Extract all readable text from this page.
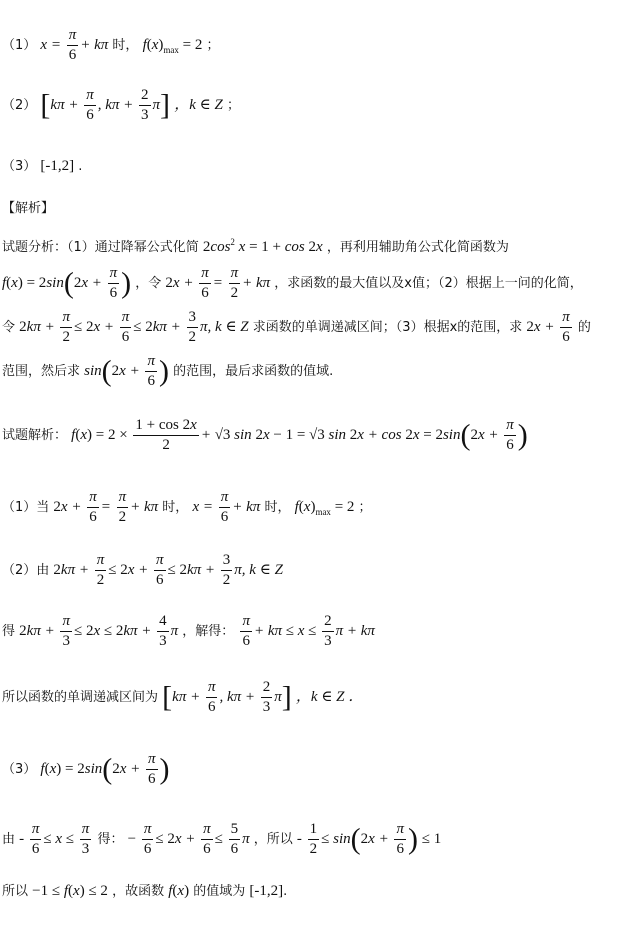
（1） $x = \frac{\pi}{6} + k\pi$ 时， $f(x)_{max} = 2$ ；
（2） [$k\pi + \frac{\pi}{6}$ , $k\pi + \frac{2}{3} \pi$] ，k ∈ Z ；
（3） [-1,2] .
【解析】
试题分析：（1）通过降幂公式化简 $2\cos^2$ x = 1 + cos 2x ，再利用辅助角公式化简函数为
$f(x) = 2\sin(2x + \frac{\pi}{6}$ ) ，令 $2x + \frac{\pi}{6} = \frac{\pi}{2} + k\pi$ ，求函数的最大值以及x值；（2）根据上一问的化简，
令 $2k\pi + \frac{\pi}{2} \le 2x + \frac{\pi}{6} \le 2k\pi + \frac{3}{2} \pi$, k ∈ Z 求函数的单调递减区间；（3）根据x的范围，求 $2x + \frac{\pi}{6}$ 的
范围，然后求 $\sin(2x + \frac{\pi}{6}$ ) 的范围，最后求函数的值域.
试题解析： $f(x) = 2 \times \frac{1 + \cos 2x}{2} + √3$ sin 2x − 1 = √3 $\sin 2x + \cos 2x = 2\sin(2x + \frac{\pi}{6}$ )
（1）当 $2x + \frac{\pi}{6} = \frac{\pi}{2} + k\pi$ 时， $x = \frac{\pi}{6} + k\pi$ 时， $f(x)_{max} = 2$ ；
（2）由 $2k\pi + \frac{\pi}{2} \le 2x + \frac{\pi}{6} \le 2k\pi + \frac{3}{2} \pi$, k ∈ Z
得 $2k\pi + \frac{\pi}{3} \le 2x \le 2k\pi + \frac{4}{3}$ π ，解得： $\frac{\pi}{6} + k\pi \le x \le \frac{2}{3}$ π + kπ
所以函数的单调递减区间为 [$k\pi + \frac{\pi}{6}$ , $k\pi + \frac{2}{3} \pi$] ，k ∈ Z ．
（3） $f(x) = 2\sin(2x + \frac{\pi}{6}$ )
由 - $\frac{\pi}{6} \le x \le \frac{\pi}{3}$ 得： − $\frac{\pi}{6} \le 2x + \frac{\pi}{6} \le \frac{5}{6}$ π ，所以 - $\frac{1}{2} \le \sin(2x + \frac{\pi}{6}$ ) ≤ 1
所以 −1 ≤ f(x) ≤ 2 ，故函数 f(x) 的值域为 [-1,2].
